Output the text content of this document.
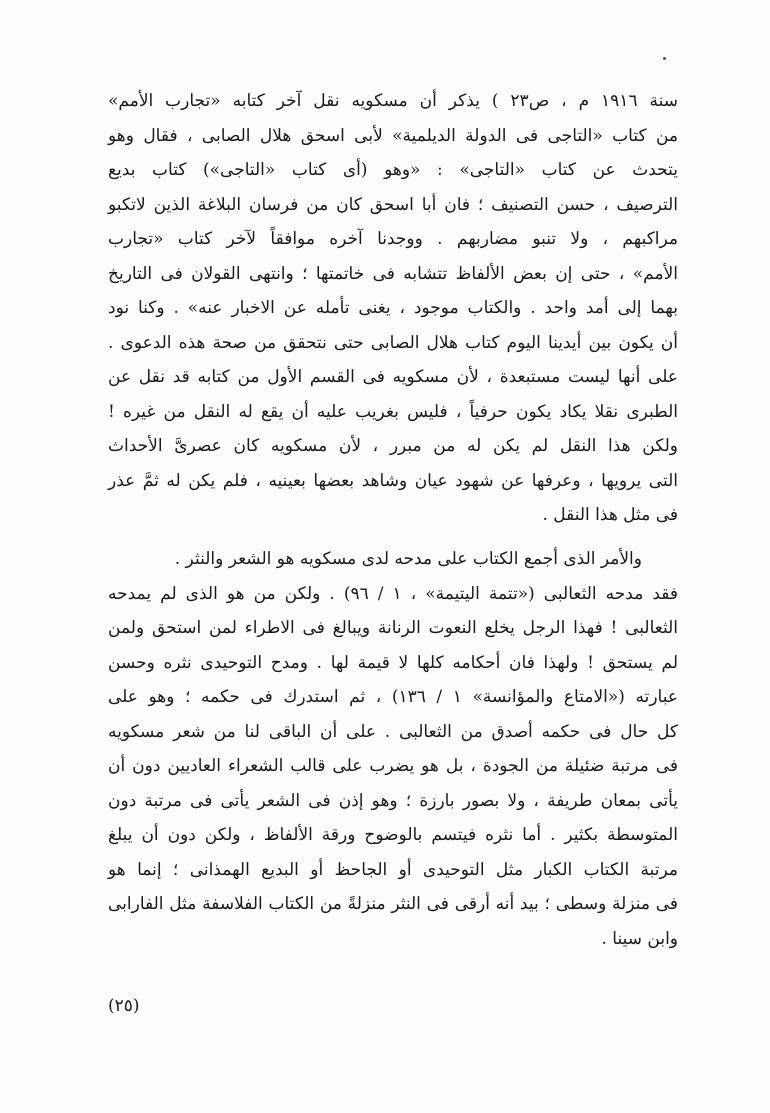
سنة ١٩١٦ م ، ص٢٣ ) يذكر أن مسكويه نقل آخر كتابه «تجارب الأمم»
من كتاب «التاجى فى الدولة الديلمية» لأبى اسحق هلال الصابى ، فقال وهو
يتحدث عن كتاب «التاجى» : «وهو (أى كتاب «التاجى») كتاب بديع
الترصيف ، حسن التصنيف ؛ فان أبا اسحق كان من فرسان البلاغة الذين لاتكبو
مراكبهم ، ولا تنبو مضاربهم . ووجدنا آخره موافقاً لآخر كتاب «تجارب
الأمم» ، حتى إن بعض الألفاظ تتشابه فى خاتمتها ؛ وانتهى القولان فى التاريخ
بهما إلى أمد واحد . والكتاب موجود ، يغنى تأمله عن الاخبار عنه» . وكنا نود
أن يكون بين أيدينا اليوم كتاب هلال الصابى حتى نتحقق من صحة هذه الدعوى .
على أنها ليست مستبعدة ، لأن مسكويه فى القسم الأول من كتابه قد نقل عن
الطبرى نقلا يكاد يكون حرفياً ، فليس بغريب عليه أن يقع له النقل من غيره !
ولكن هذا النقل لم يكن له من مبرر ، لأن مسكويه كان عصرىَّ الأحداث
التى يرويها ، وعرفها عن شهود عيان وشاهد بعضها بعينيه ، فلم يكن له ثمَّ عذر
فى مثل هذا النقل .
والأمر الذى أجمع الكتاب على مدحه لدى مسكويه هو الشعر والنثر .
فقد مدحه الثعالبى («تتمة اليتيمة» ، ١ / ٩٦) . ولكن من هو الذى لم يمدحه
الثعالبى ! فهذا الرجل يخلع النعوت الرنانة ويبالغ فى الاطراء لمن استحق ولمن
لم يستحق ! ولهذا فان أحكامه كلها لا قيمة لها . ومدح التوحيدى نثره وحسن
عبارته («الامتاع والمؤانسة» ١ / ١٣٦) ، ثم استدرك فى حكمه ؛ وهو على
كل حال فى حكمه أصدق من الثعالبى . على أن الباقى لنا من شعر مسكويه
فى مرتبة ضئيلة من الجودة ، بل هو يضرب على قالب الشعراء العاديين دون أن
يأتى بمعان طريفة ، ولا بصور بارزة ؛ وهو إذن فى الشعر يأتى فى مرتبة دون
المتوسطة بكثير . أما نثره فيتسم بالوضوح ورقة الألفاظ ، ولكن دون أن يبلغ
مرتبة الكتاب الكبار مثل التوحيدى أو الجاحظ أو البديع الهمذانى ؛ إنما هو
فى منزلة وسطى ؛ بيد أنه أرقى فى النثر منزلةً من الكتاب الفلاسفة مثل الفارابى
وابن سينا .
(٢٥)
